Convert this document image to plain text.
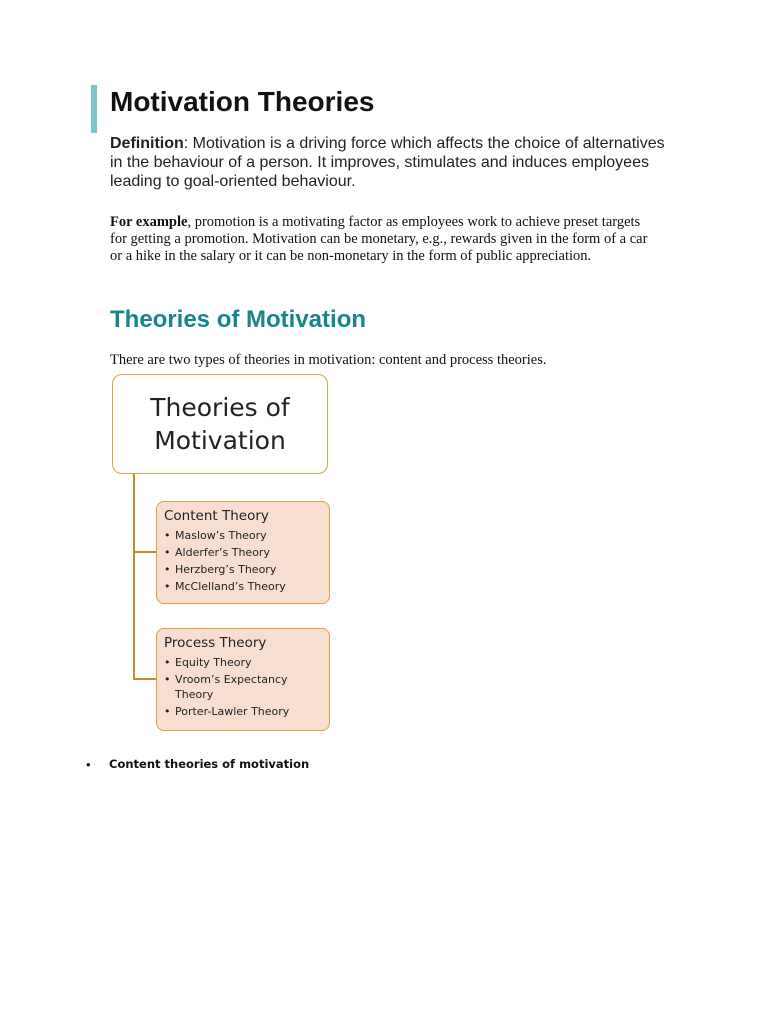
Motivation Theories

Definition: Motivation is a driving force which affects the choice of alternatives in the behaviour of a person. It improves, stimulates and induces employees leading to goal-oriented behaviour.

For example, promotion is a motivating factor as employees work to achieve preset targets for getting a promotion. Motivation can be monetary, e.g., rewards given in the form of a car or a hike in the salary or it can be non-monetary in the form of public appreciation.

Theories of Motivation

There are two types of theories in motivation: content and process theories.

Theories of Motivation
Content Theory
• Maslow’s Theory
• Alderfer’s Theory
• Herzberg’s Theory
• McClelland’s Theory
Process Theory
• Equity Theory
• Vroom’s Expectancy Theory
• Porter-Lawler Theory
•	Content theories of motivation
